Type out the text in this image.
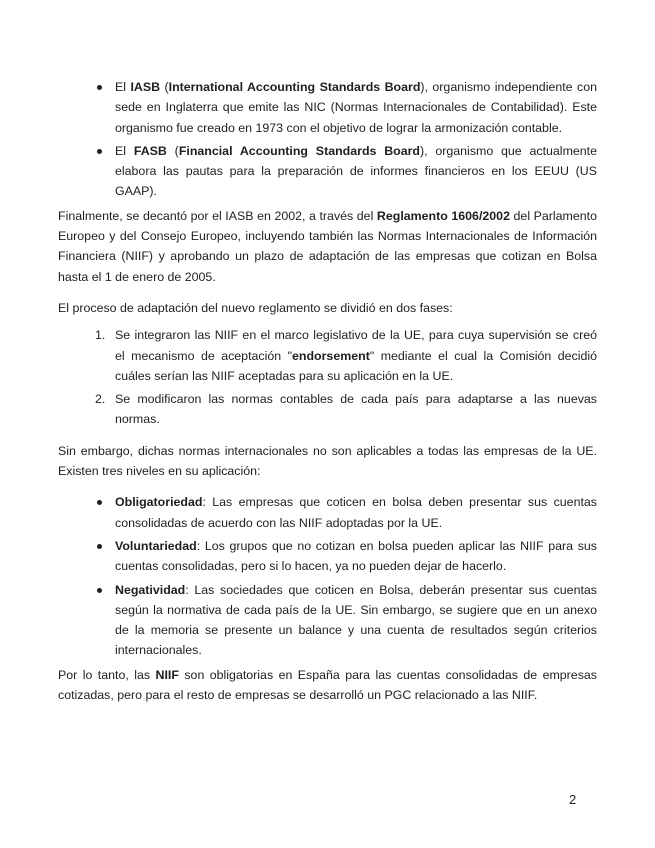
El IASB (International Accounting Standards Board), organismo independiente con sede en Inglaterra que emite las NIC (Normas Internacionales de Contabilidad). Este organismo fue creado en 1973 con el objetivo de lograr la armonización contable.
El FASB (Financial Accounting Standards Board), organismo que actualmente elabora las pautas para la preparación de informes financieros en los EEUU (US GAAP).

Finalmente, se decantó por el IASB en 2002, a través del Reglamento 1606/2002 del Parlamento Europeo y del Consejo Europeo, incluyendo también las Normas Internacionales de Información Financiera (NIIF) y aprobando un plazo de adaptación de las empresas que cotizan en Bolsa hasta el 1 de enero de 2005.

El proceso de adaptación del nuevo reglamento se dividió en dos fases:

1. Se integraron las NIIF en el marco legislativo de la UE, para cuya supervisión se creó el mecanismo de aceptación "endorsement" mediante el cual la Comisión decidió cuáles serían las NIIF aceptadas para su aplicación en la UE.
2. Se modificaron las normas contables de cada país para adaptarse a las nuevas normas.

Sin embargo, dichas normas internacionales no son aplicables a todas las empresas de la UE. Existen tres niveles en su aplicación:

Obligatoriedad: Las empresas que coticen en bolsa deben presentar sus cuentas consolidadas de acuerdo con las NIIF adoptadas por la UE.
Voluntariedad: Los grupos que no cotizan en bolsa pueden aplicar las NIIF para sus cuentas consolidadas, pero si lo hacen, ya no pueden dejar de hacerlo.
Negatividad: Las sociedades que coticen en Bolsa, deberán presentar sus cuentas según la normativa de cada país de la UE. Sin embargo, se sugiere que en un anexo de la memoria se presente un balance y una cuenta de resultados según criterios internacionales.

Por lo tanto, las NIIF son obligatorias en España para las cuentas consolidadas de empresas cotizadas, pero para el resto de empresas se desarrolló un PGC relacionado a las NIIF.

2
